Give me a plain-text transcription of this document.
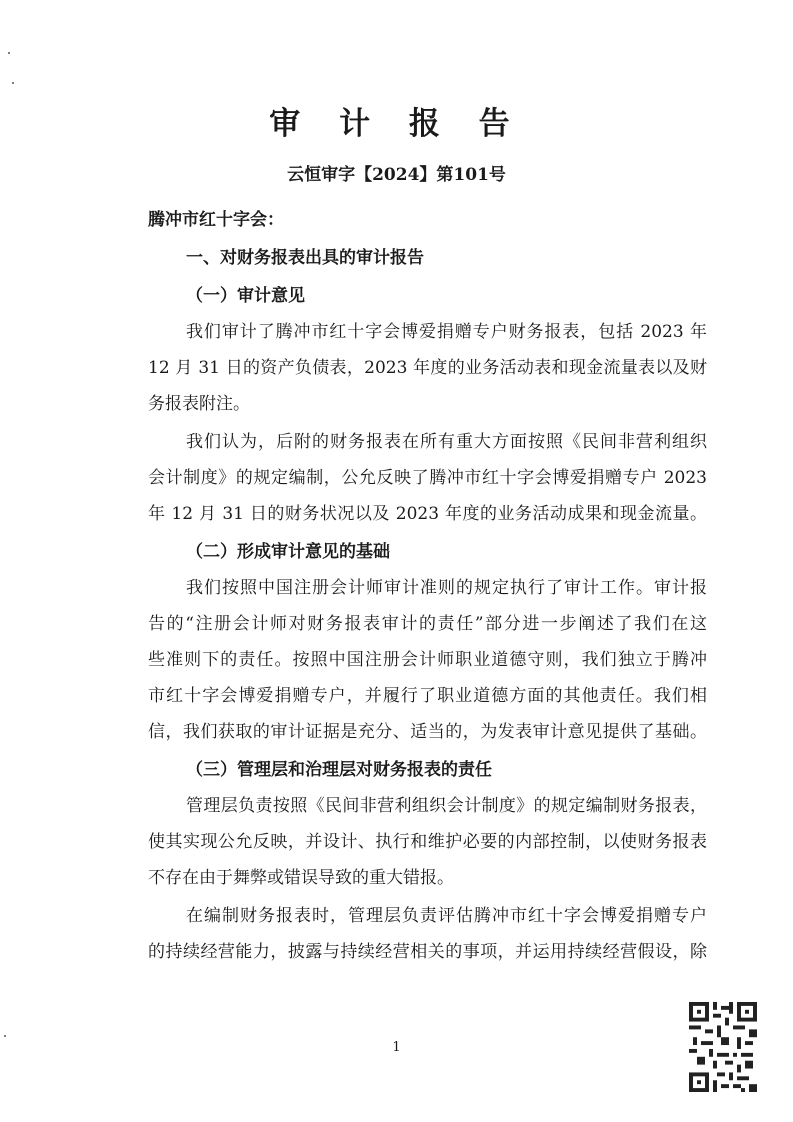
审 计 报 告
云恒审字【2024】第101号
腾冲市红十字会：
一、对财务报表出具的审计报告
（一）审计意见
我们审计了腾冲市红十字会博爱捐赠专户财务报表，包括 2023 年
12 月 31 日的资产负债表，2023 年度的业务活动表和现金流量表以及财
务报表附注。
我们认为，后附的财务报表在所有重大方面按照《民间非营利组织
会计制度》的规定编制，公允反映了腾冲市红十字会博爱捐赠专户 2023
年 12 月 31 日的财务状况以及 2023 年度的业务活动成果和现金流量。
（二）形成审计意见的基础
我们按照中国注册会计师审计准则的规定执行了审计工作。审计报
告的“注册会计师对财务报表审计的责任”部分进一步阐述了我们在这
些准则下的责任。按照中国注册会计师职业道德守则，我们独立于腾冲
市红十字会博爱捐赠专户，并履行了职业道德方面的其他责任。我们相
信，我们获取的审计证据是充分、适当的，为发表审计意见提供了基础。
（三）管理层和治理层对财务报表的责任
管理层负责按照《民间非营利组织会计制度》的规定编制财务报表，
使其实现公允反映，并设计、执行和维护必要的内部控制，以使财务报表
不存在由于舞弊或错误导致的重大错报。
在编制财务报表时，管理层负责评估腾冲市红十字会博爱捐赠专户
的持续经营能力，披露与持续经营相关的事项，并运用持续经营假设，除
1
